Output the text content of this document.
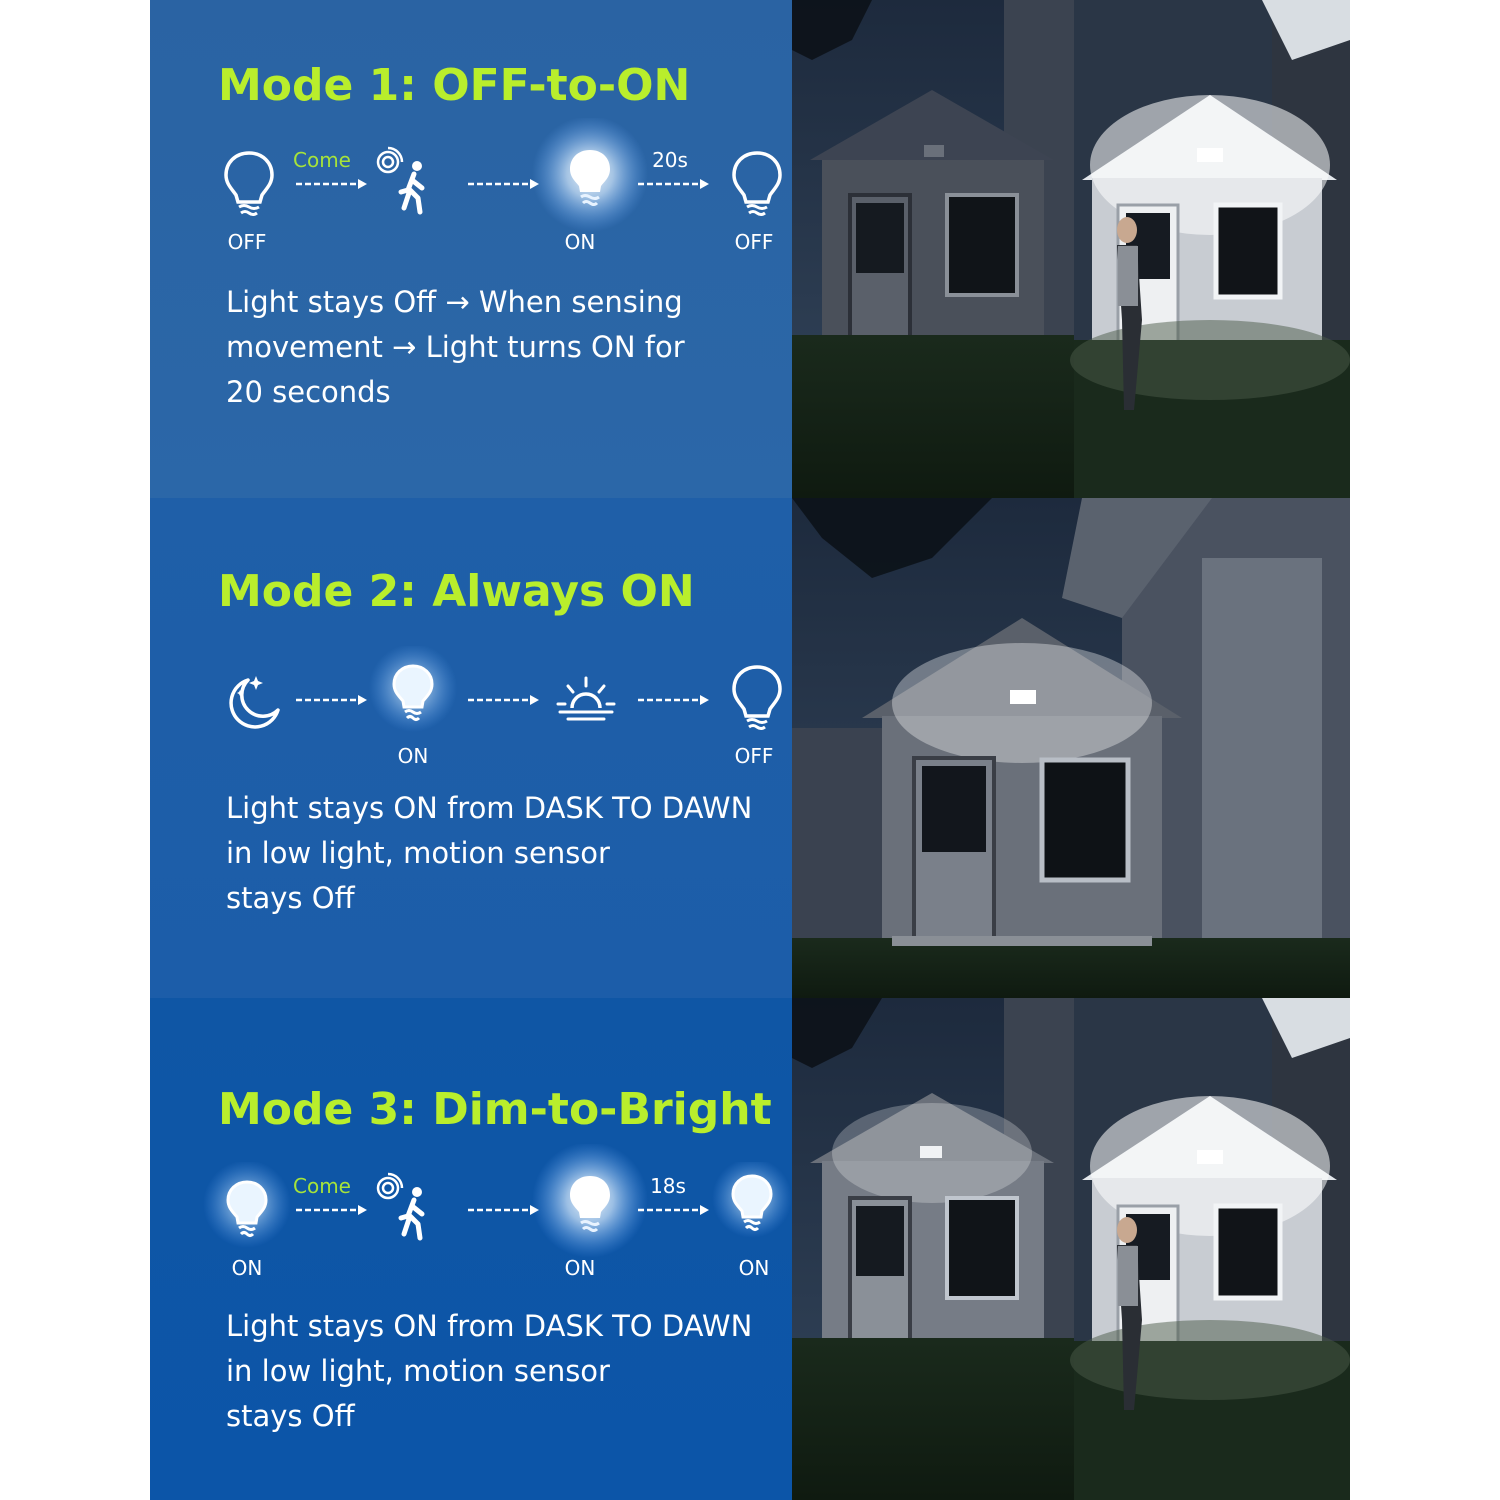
Mode 1: OFF-to-ON
OFF
Come
ON
20s
OFF
Light stays Off → When sensing
movement → Light turns ON for
20 seconds
Mode 2: Always ON
ON	OFF
Light stays ON from DASK TO DAWN
in low light, motion sensor
stays Off
Mode 3: Dim-to-Bright
ON
Come
ON
18s
ON
Light stays ON from DASK TO DAWN
in low light, motion sensor
stays Off
